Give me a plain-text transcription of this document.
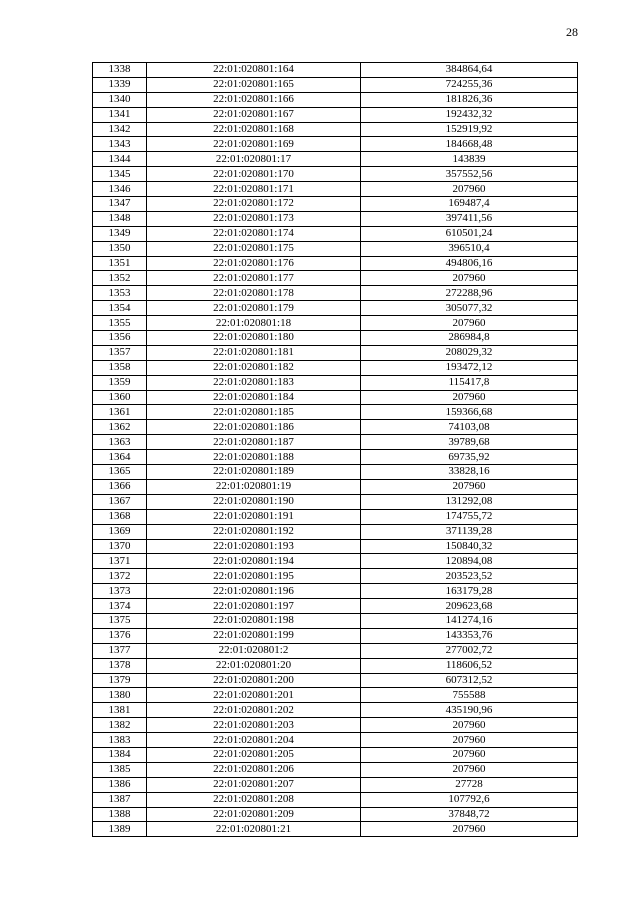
28
1338	22:01:020801:164	384864,64
1339	22:01:020801:165	724255,36
1340	22:01:020801:166	181826,36
1341	22:01:020801:167	192432,32
1342	22:01:020801:168	152919,92
1343	22:01:020801:169	184668,48
1344	22:01:020801:17	143839
1345	22:01:020801:170	357552,56
1346	22:01:020801:171	207960
1347	22:01:020801:172	169487,4
1348	22:01:020801:173	397411,56
1349	22:01:020801:174	610501,24
1350	22:01:020801:175	396510,4
1351	22:01:020801:176	494806,16
1352	22:01:020801:177	207960
1353	22:01:020801:178	272288,96
1354	22:01:020801:179	305077,32
1355	22:01:020801:18	207960
1356	22:01:020801:180	286984,8
1357	22:01:020801:181	208029,32
1358	22:01:020801:182	193472,12
1359	22:01:020801:183	115417,8
1360	22:01:020801:184	207960
1361	22:01:020801:185	159366,68
1362	22:01:020801:186	74103,08
1363	22:01:020801:187	39789,68
1364	22:01:020801:188	69735,92
1365	22:01:020801:189	33828,16
1366	22:01:020801:19	207960
1367	22:01:020801:190	131292,08
1368	22:01:020801:191	174755,72
1369	22:01:020801:192	371139,28
1370	22:01:020801:193	150840,32
1371	22:01:020801:194	120894,08
1372	22:01:020801:195	203523,52
1373	22:01:020801:196	163179,28
1374	22:01:020801:197	209623,68
1375	22:01:020801:198	141274,16
1376	22:01:020801:199	143353,76
1377	22:01:020801:2	277002,72
1378	22:01:020801:20	118606,52
1379	22:01:020801:200	607312,52
1380	22:01:020801:201	755588
1381	22:01:020801:202	435190,96
1382	22:01:020801:203	207960
1383	22:01:020801:204	207960
1384	22:01:020801:205	207960
1385	22:01:020801:206	207960
1386	22:01:020801:207	27728
1387	22:01:020801:208	107792,6
1388	22:01:020801:209	37848,72
1389	22:01:020801:21	207960
